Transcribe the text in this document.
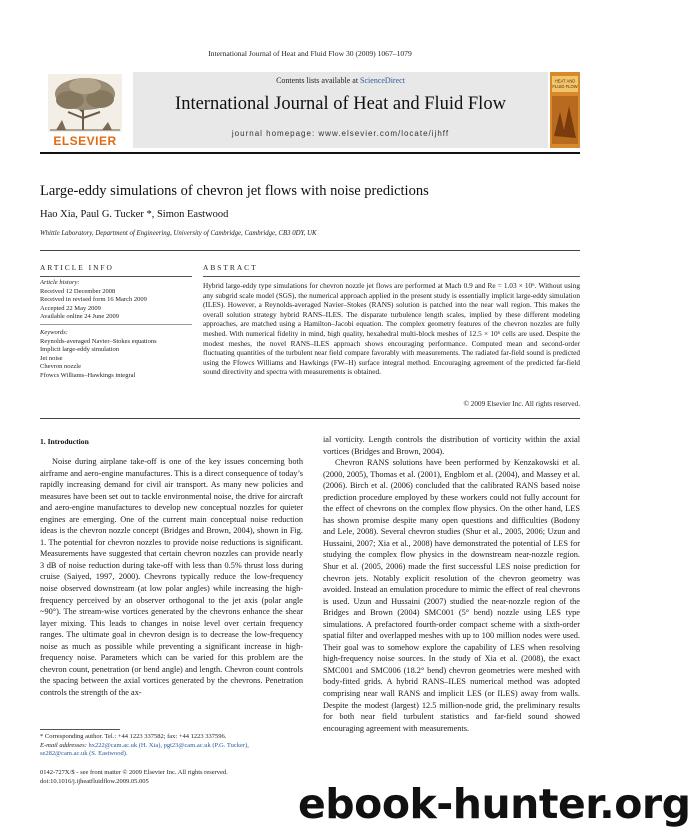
International Journal of Heat and Fluid Flow 30 (2009) 1067–1079
Contents lists available at ScienceDirect
International Journal of Heat and Fluid Flow
journal homepage: www.elsevier.com/locate/ijhff
ELSEVIER
HEAT AND
FLUID FLOW
Large-eddy simulations of chevron jet flows with noise predictions
Hao Xia, Paul G. Tucker *, Simon Eastwood
Whittle Laboratory, Department of Engineering, University of Cambridge, Cambridge, CB3 0DY, UK
ARTICLE INFO
Article history:
Received 12 December 2008
Received in revised form 16 March 2009
Accepted 22 May 2009
Available online 24 June 2009
Keywords:
Reynolds-averaged Navier–Stokes equations
Implicit large-eddy simulation
Jet noise
Chevron nozzle
Ffowcs Williams–Hawkings integral
ABSTRACT

Hybrid large-eddy type simulations for chevron nozzle jet flows are performed at Mach 0.9 and Re = 1.03 × 10⁶. Without using any subgrid scale model (SGS), the numerical approach applied in the present study is essentially implicit large-eddy simulation (ILES). However, a Reynolds-averaged Navier–Stokes (RANS) solution is patched into the near wall region. This makes the overall solution strategy hybrid RANS–ILES. The disparate turbulence length scales, implied by these different modeling approaches, are matched using a Hamilton–Jacobi equation. The complex geometry features of the chevron nozzles are fully meshed. With numerical fidelity in mind, high quality, hexahedral multi-block meshes of 12.5 × 10⁶ cells are used. Despite the modest meshes, the novel RANS–ILES approach shows encouraging performance. Computed mean and second-order fluctuating quantities of the turbulent near field compare favorably with measurements. The radiated far-field sound is predicted using the Ffowcs Williams and Hawkings (FW–H) surface integral method. Encouraging agreement of the predicted far-field sound directivity and spectra with measurements is obtained.

© 2009 Elsevier Inc. All rights reserved.
1. Introduction

Noise during airplane take-off is one of the key issues concerning both airframe and aero-engine manufactures. This is a direct consequence of today’s rapidly increasing demand for civil air transport. As many new policies and measures have been set out to tackle environmental noise, the drive for aircraft and aero-engine manufactures to develop new conceptual nozzles for quieter engines are emerging. One of the current main conceptual noise reduction ideas is the chevron nozzle concept (Bridges and Brown, 2004), shown in Fig. 1. The potential for chevron nozzles to provide noise reductions is significant. Measurements have suggested that certain chevron nozzles can provide nearly 3 dB of noise reduction during take-off with less than 0.5% thrust loss during cruise (Saiyed, 1997, 2000). Chevrons typically reduce the low-frequency noise observed downstream (at low polar angles) while increasing the high-frequency perceived by an observer orthogonal to the jet axis (polar angle ~90°). The stream-wise vortices generated by the chevrons enhance the shear layer mixing. This leads to changes in noise level over certain frequency ranges. The ultimate goal in chevron design is to decrease the low-frequency noise as much as possible while preventing a significant increase in high-frequency noise. Parameters which can be varied for this problem are the chevron count, penetration (or bend angle) and length. Chevron count controls the spacing between the axial vortices generated by the chevrons. Penetration controls the strength of the ax-

ial vorticity. Length controls the distribution of vorticity within the axial vortices (Bridges and Brown, 2004).

Chevron RANS solutions have been performed by Kenzakowski et al. (2000, 2005), Thomas et al. (2001), Engblom et al. (2004), and Massey et al. (2006). Birch et al. (2006) concluded that the calibrated RANS based noise prediction procedure employed by these workers could not fully account for the effect of chevrons on the complex flow physics. On the other hand, LES has shown promise despite many open questions and difficulties (Bodony and Lele, 2008). Several chevron studies (Shur et al., 2005, 2006; Uzun and Hussaini, 2007; Xia et al., 2008) have demonstrated the potential of LES for studying the complex flow physics in the downstream near-nozzle region. Shur et al. (2005, 2006) made the first successful LES noise prediction for chevron jets. Notably explicit resolution of the chevron geometry was avoided. Instead an emulation procedure to mimic the effect of real chevrons is used. Uzun and Hussaini (2007) studied the near-nozzle region of the Bridges and Brown (2004) SMC001 (5° bend) nozzle using LES type simulations. A prefactored fourth-order compact scheme with a sixth-order spatial filter and overlapped meshes with up to 100 million nodes were used. Their goal was to somehow explore the capability of LES when resolving high-frequency noise sources. In the study of Xia et al. (2008), the exact SMC001 and SMC006 (18.2° bend) chevron geometries were meshed with body-fitted grids. A hybrid RANS–ILES numerical method was adopted comprising near wall RANS and implicit LES (or ILES) away from walls. Despite the modest (largest) 12.5 million-node grid, the preliminary results for both near field turbulent statistics and far-field sound showed encouraging agreement with measurements.

* Corresponding author. Tel.: +44 1223 337582; fax: +44 1223 337596.
E-mail addresses: hx222@cam.ac.uk (H. Xia), pgt23@cam.ac.uk (P.G. Tucker),
se282@cam.ac.uk (S. Eastwood).
0142-727X/$ - see front matter © 2009 Elsevier Inc. All rights reserved.
doi:10.1016/j.ijheatfluidflow.2009.05.005	ebook-hunter.org
